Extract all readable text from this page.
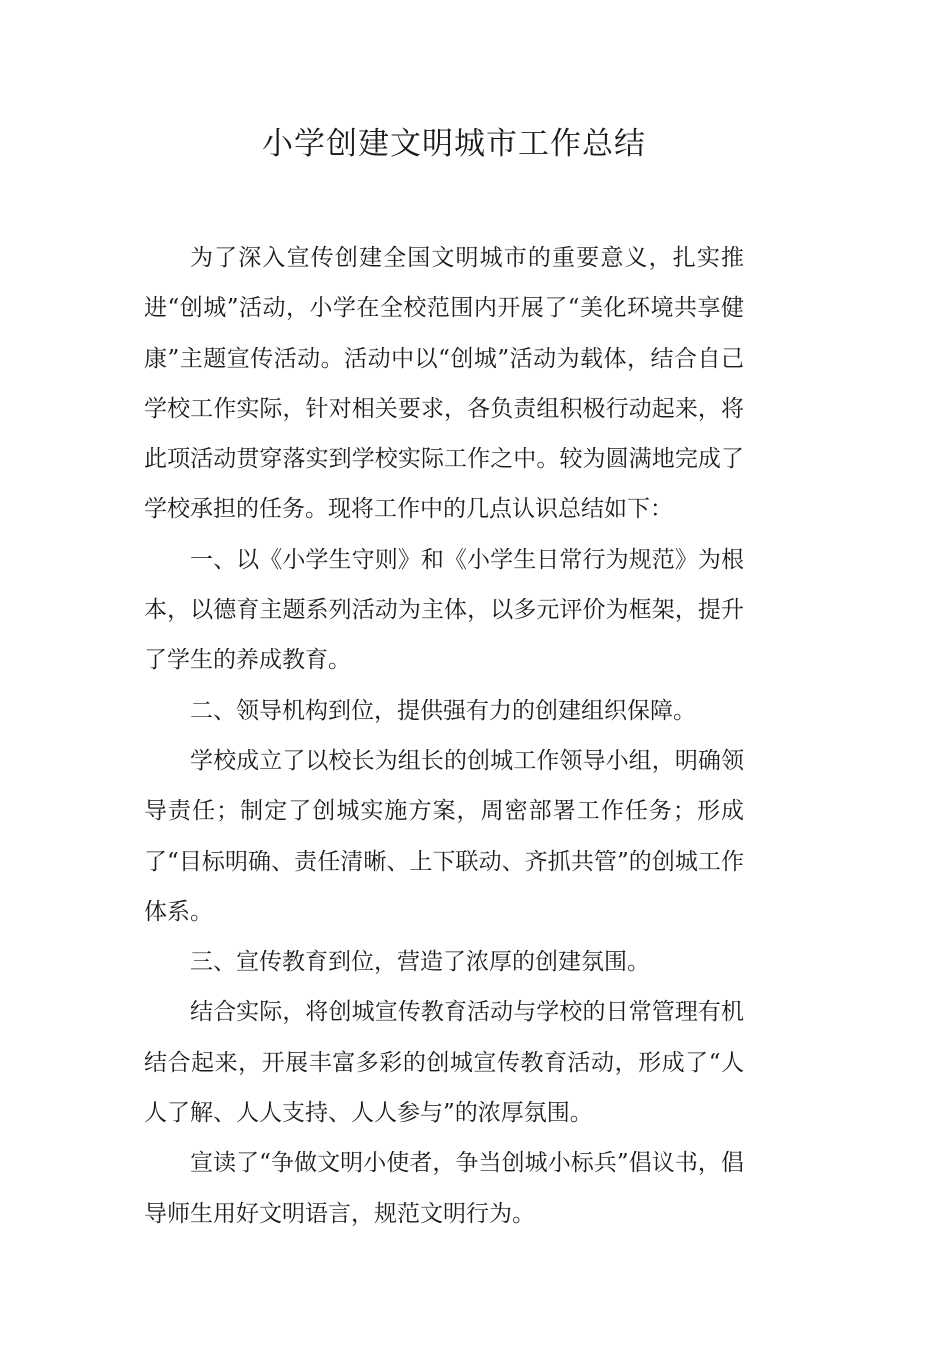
小学创建文明城市工作总结

为了深入宣传创建全国文明城市的重要意义，扎实推进“创城”活动，小学在全校范围内开展了“美化环境共享健康”主题宣传活动。活动中以“创城”活动为载体，结合自己学校工作实际，针对相关要求，各负责组积极行动起来，将此项活动贯穿落实到学校实际工作之中。较为圆满地完成了学校承担的任务。现将工作中的几点认识总结如下：

一、以《小学生守则》和《小学生日常行为规范》为根本，以德育主题系列活动为主体，以多元评价为框架，提升了学生的养成教育。

二、领导机构到位，提供强有力的创建组织保障。

学校成立了以校长为组长的创城工作领导小组，明确领导责任；制定了创城实施方案，周密部署工作任务；形成了“目标明确、责任清晰、上下联动、齐抓共管”的创城工作体系。

三、宣传教育到位，营造了浓厚的创建氛围。

结合实际，将创城宣传教育活动与学校的日常管理有机结合起来，开展丰富多彩的创城宣传教育活动，形成了“人人了解、人人支持、人人参与”的浓厚氛围。

宣读了“争做文明小使者，争当创城小标兵”倡议书，倡导师生用好文明语言，规范文明行为。
